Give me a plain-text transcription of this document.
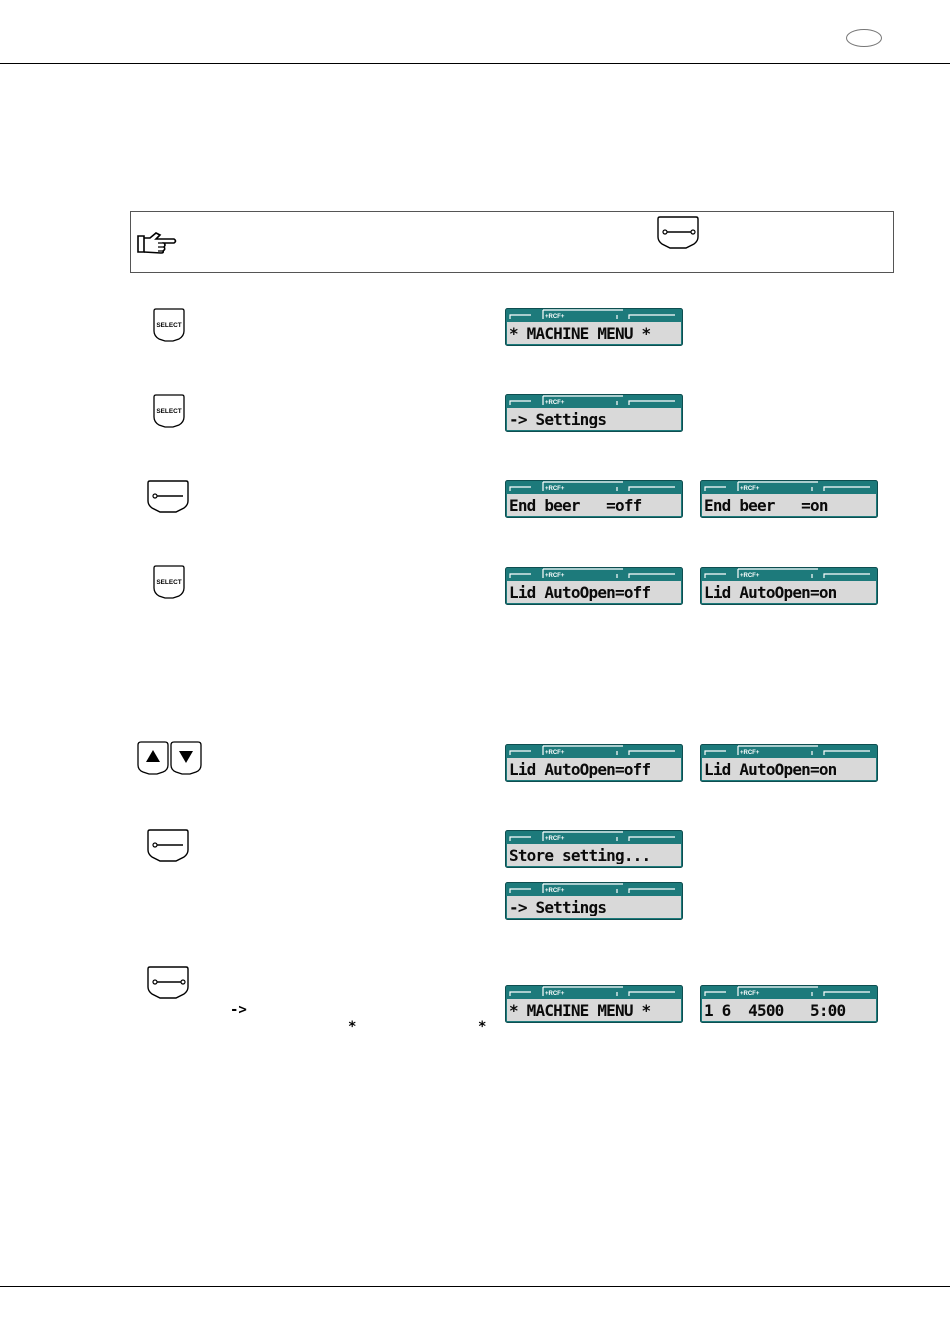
SELECT
+RCF+
* MACHINE MENU *
SELECT
+RCF+
-> Settings
+RCF+
End beer   =off
+RCF+
End beer   =on
SELECT
+RCF+
Lid AutoOpen=off
+RCF+
Lid AutoOpen=on
+RCF+
Lid AutoOpen=off
+RCF+
Lid AutoOpen=on
+RCF+
Store setting...
+RCF+
-> Settings
->
*	*
+RCF+
* MACHINE MENU *
+RCF+
1 6  4500   5:00
